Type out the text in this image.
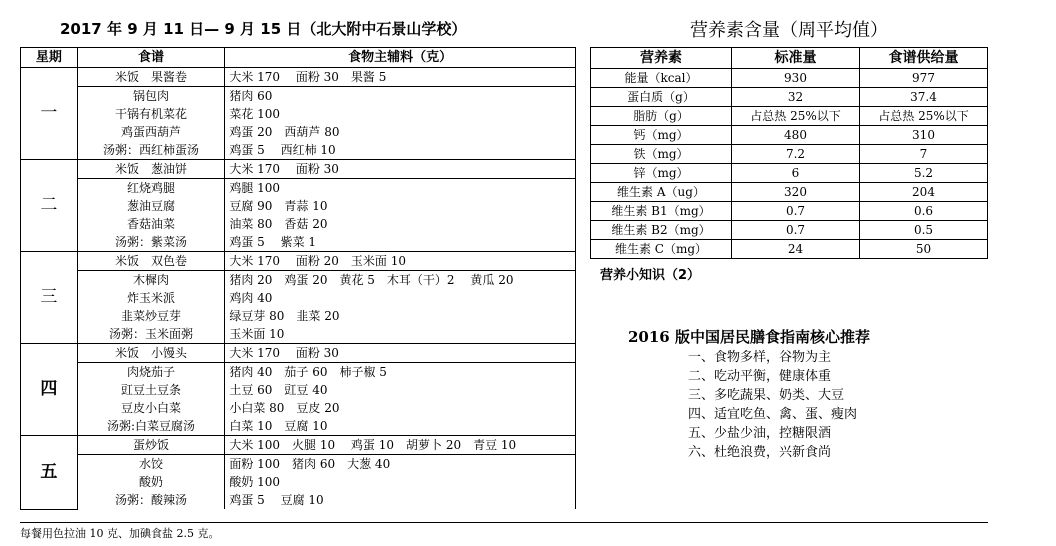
2017 年 9 月 11 日— 9 月 15 日（北大附中石景山学校）	营养素含量（周平均值）
星期	食谱	食物主辅料（克）
一	米饭　果酱卷	大米 170　 面粉 30　果酱 5
	锅包肉	猪肉 60
	干锅有机菜花	菜花 100
	鸡蛋西葫芦	鸡蛋 20　西葫芦 80
	汤粥：西红柿蛋汤	鸡蛋 5　 西红柿 10
二	米饭　葱油饼	大米 170　 面粉 30
	红烧鸡腿	鸡腿 100
	葱油豆腐	豆腐 90　青蒜 10
	香菇油菜	油菜 80　香菇 20
	汤粥：紫菜汤	鸡蛋 5　 紫菜 1
三	米饭　双色卷	大米 170　 面粉 20　玉米面 10
	木樨肉	猪肉 20　鸡蛋 20　黄花 5　木耳（干）2　 黄瓜 20
	炸玉米派	鸡肉 40
	韭菜炒豆芽	绿豆芽 80　韭菜 20
	汤粥：玉米面粥	玉米面 10
四	米饭　小馒头	大米 170　 面粉 30
	肉烧茄子	猪肉 40　茄子 60　柿子椒 5
	豇豆土豆条	土豆 60　豇豆 40
	豆皮小白菜	小白菜 80　豆皮 20
	汤粥:白菜豆腐汤	白菜 10　豆腐 10
五	蛋炒饭	大米 100　火腿 10　 鸡蛋 10　胡萝卜 20　青豆 10
	水饺	面粉 100　猪肉 60　大葱 40
	酸奶	酸奶 100
	汤粥：酸辣汤	鸡蛋 5　 豆腐 10
营养素	标准量	食谱供给量
能量（kcal）	930	977
蛋白质（g）	32	37.4
脂肪（g）	占总热 25%以下	占总热 25%以下
钙（mg）	480	310
铁（mg）	7.2	7
锌（mg）	6	5.2
维生素 A（ug）	320	204
维生素 B1（mg）	0.7	0.6
维生素 B2（mg）	0.7	0.5
维生素 C（mg）	24	50
营养小知识（2）
2016 版中国居民膳食指南核心推荐
一、食物多样，谷物为主
二、吃动平衡，健康体重
三、多吃蔬果、奶类、大豆
四、适宜吃鱼、禽、蛋、瘦肉
五、少盐少油，控糖限酒
六、杜绝浪费，兴新食尚
每餐用色拉油 10 克、加碘食盐 2.5 克。
